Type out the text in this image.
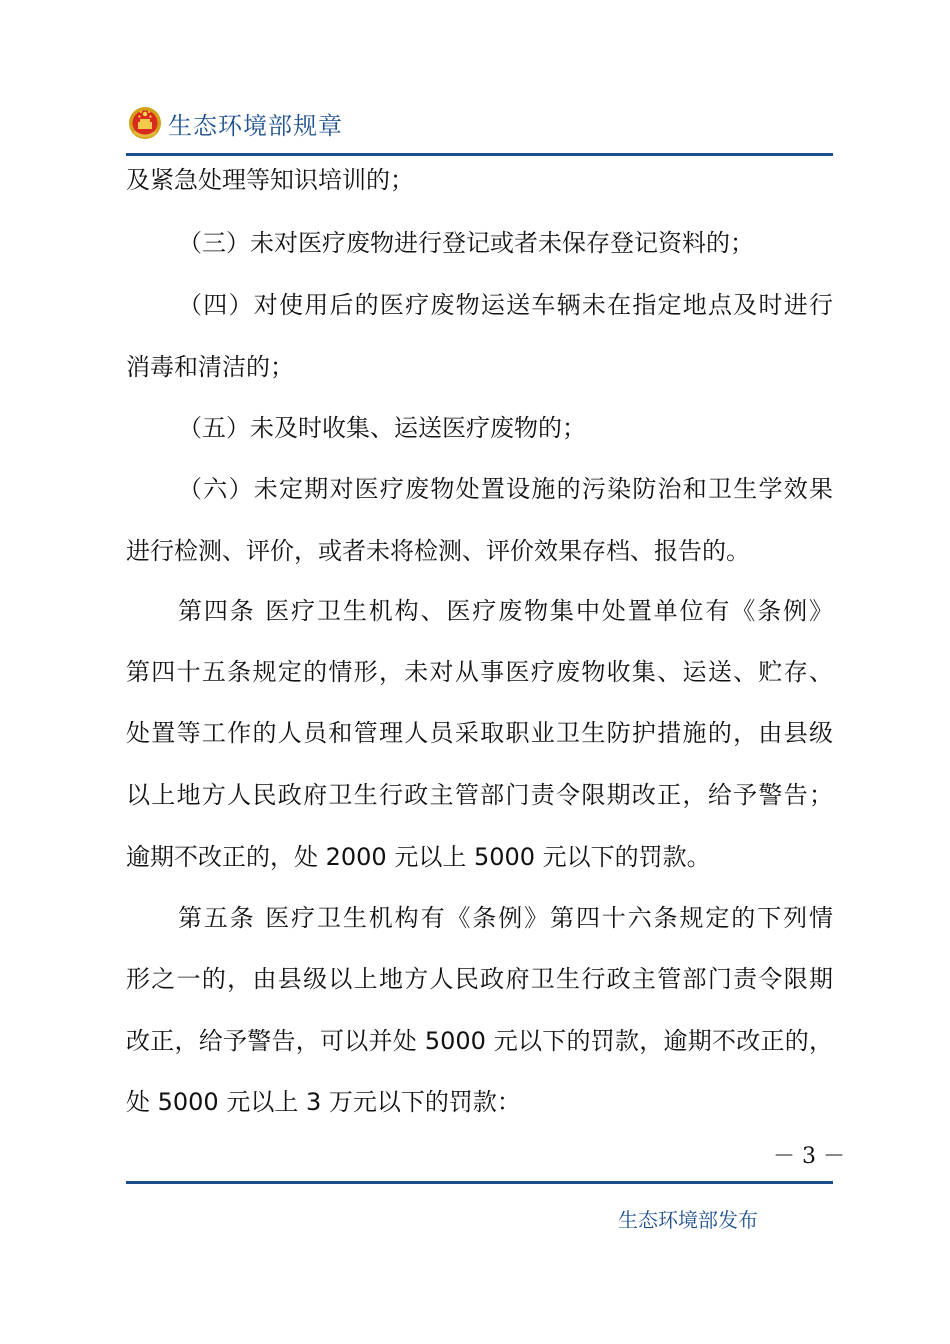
生态环境部规章
及紧急处理等知识培训的；
（三）未对医疗废物进行登记或者未保存登记资料的；
（四）对使用后的医疗废物运送车辆未在指定地点及时进行
消毒和清洁的；
（五）未及时收集、运送医疗废物的；
（六）未定期对医疗废物处置设施的污染防治和卫生学效果
进行检测、评价，或者未将检测、评价效果存档、报告的。
第四条 医疗卫生机构、医疗废物集中处置单位有《条例》
第四十五条规定的情形，未对从事医疗废物收集、运送、贮存、
处置等工作的人员和管理人员采取职业卫生防护措施的，由县级
以上地方人民政府卫生行政主管部门责令限期改正，给予警告；
逾期不改正的，处 2000 元以上 5000 元以下的罚款。
第五条 医疗卫生机构有《条例》第四十六条规定的下列情
形之一的，由县级以上地方人民政府卫生行政主管部门责令限期
改正，给予警告，可以并处 5000 元以下的罚款，逾期不改正的，
处 5000 元以上 3 万元以下的罚款：
－ 3 －
生态环境部发布
